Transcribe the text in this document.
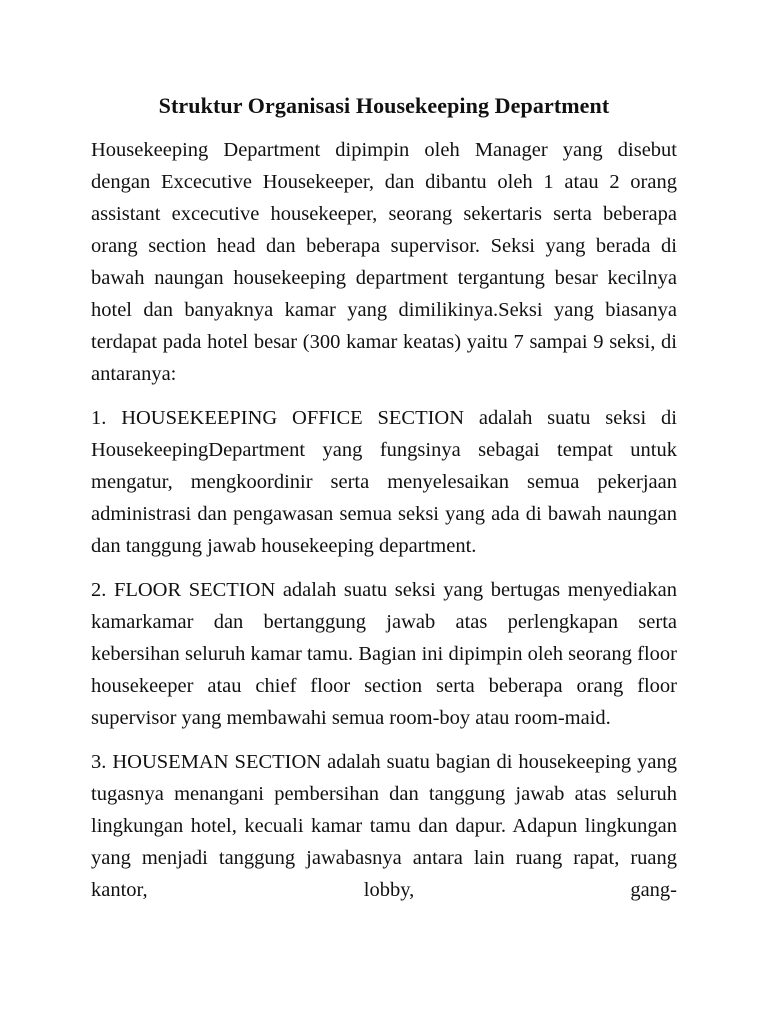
Struktur Organisasi Housekeeping Department

Housekeeping Department dipimpin oleh Manager yang disebut dengan Excecutive Housekeeper, dan dibantu oleh 1 atau 2 orang assistant excecutive housekeeper, seorang sekertaris serta beberapa orang section head dan beberapa supervisor. Seksi yang berada di bawah naungan housekeeping department tergantung besar kecilnya hotel dan banyaknya kamar yang dimilikinya.Seksi yang biasanya terdapat pada hotel besar (300 kamar keatas) yaitu 7 sampai 9 seksi, di antaranya:

1. HOUSEKEEPING OFFICE SECTION adalah suatu seksi di HousekeepingDepartment yang fungsinya sebagai tempat untuk mengatur, mengkoordinir serta menyelesaikan semua pekerjaan administrasi dan pengawasan semua seksi yang ada di bawah naungan dan tanggung jawab housekeeping department.

2. FLOOR SECTION adalah suatu seksi yang bertugas menyediakan kamarkamar dan bertanggung jawab atas perlengkapan serta kebersihan seluruh kamar tamu. Bagian ini dipimpin oleh seorang floor housekeeper atau chief floor section serta beberapa orang floor supervisor yang membawahi semua room-boy atau room-maid.

3. HOUSEMAN SECTION adalah suatu bagian di housekeeping yang tugasnya menangani pembersihan dan tanggung jawab atas seluruh lingkungan hotel, kecuali kamar tamu dan dapur. Adapun lingkungan yang menjadi tanggung jawabasnya antara lain ruang rapat, ruang kantor, lobby, gang-
